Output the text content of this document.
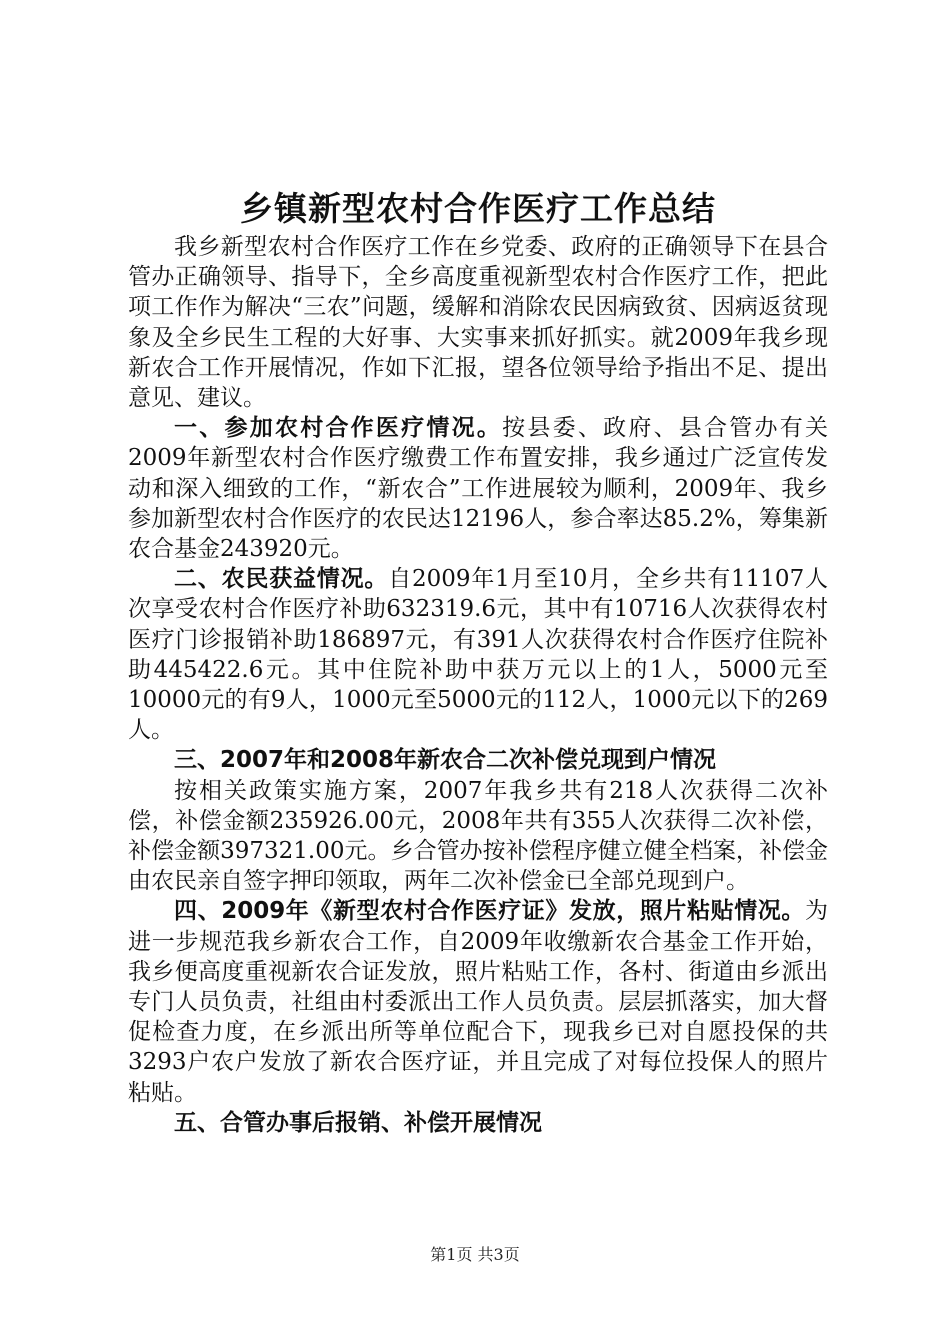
乡镇新型农村合作医疗工作总结

我乡新型农村合作医疗工作在乡党委、政府的正确领导下在县合管办正确领导、指导下，全乡高度重视新型农村合作医疗工作，把此项工作作为解决“三农”问题，缓解和消除农民因病致贫、因病返贫现象及全乡民生工程的大好事、大实事来抓好抓实。就2009年我乡现新农合工作开展情况，作如下汇报，望各位领导给予指出不足、提出意见、建议。

一、参加农村合作医疗情况。按县委、政府、县合管办有关2009年新型农村合作医疗缴费工作布置安排，我乡通过广泛宣传发动和深入细致的工作，“新农合”工作进展较为顺利，2009年、我乡参加新型农村合作医疗的农民达12196人，参合率达85.2%，筹集新农合基金243920元。

二、农民获益情况。自2009年1月至10月，全乡共有11107人次享受农村合作医疗补助632319.6元，其中有10716人次获得农村医疗门诊报销补助186897元，有391人次获得农村合作医疗住院补助445422.6元。其中住院补助中获万元以上的1人，5000元至10000元的有9人，1000元至5000元的112人，1000元以下的269人。

三、2007年和2008年新农合二次补偿兑现到户情况

按相关政策实施方案，2007年我乡共有218人次获得二次补偿，补偿金额235926.00元，2008年共有355人次获得二次补偿，补偿金额397321.00元。乡合管办按补偿程序健立健全档案，补偿金由农民亲自签字押印领取，两年二次补偿金已全部兑现到户。

四、2009年《新型农村合作医疗证》发放，照片粘贴情况。为进一步规范我乡新农合工作，自2009年收缴新农合基金工作开始，我乡便高度重视新农合证发放，照片粘贴工作，各村、街道由乡派出专门人员负责，社组由村委派出工作人员负责。层层抓落实，加大督促检查力度，在乡派出所等单位配合下，现我乡已对自愿投保的共3293户农户发放了新农合医疗证，并且完成了对每位投保人的照片粘贴。

五、合管办事后报销、补偿开展情况

第1页 共3页
